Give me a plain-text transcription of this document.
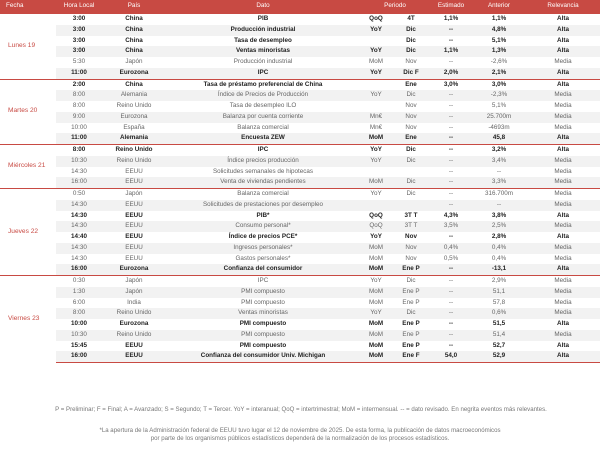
Fecha	Hora Local	País	Dato	Periodo		Estimado	Anterior	Relevancia
Lunes 19	3:00	China	PIB	QoQ	4T	1,1%	1,1%	Alta
	3:00	China	Producción industrial	YoY	Dic	--	4,8%	Alta
	3:00	China	Tasa de desempleo		Dic	--	5,1%	Alta
	3:00	China	Ventas minoristas	YoY	Dic	1,1%	1,3%	Alta
	5:30	Japón	Producción industrial	MoM	Nov	--	-2,6%	Media
	11:00	Eurozona	IPC	YoY	Dic F	2,0%	2,1%	Alta
Martes 20	2:00	China	Tasa de préstamo preferencial de China		Ene	3,0%	3,0%	Alta
	8:00	Alemania	Índice de Precios de Producción	YoY	Dic	--	-2,3%	Media
	8:00	Reino Unido	Tasa de desempleo ILO		Nov	--	5,1%	Media
	9:00	Eurozona	Balanza por cuenta corriente	Mn€	Nov	--	25.700m	Media
	10:00	España	Balanza comercial	Mn€	Nov	--	-4693m	Media
	11:00	Alemania	Encuesta ZEW	MoM	Ene	--	45,8	Alta
Miércoles 21	8:00	Reino Unido	IPC	YoY	Dic	--	3,2%	Alta
	10:30	Reino Unido	Índice precios producción	YoY	Dic	--	3,4%	Media
	14:30	EEUU	Solicitudes semanales de hipotecas			--	--	Media
	16:00	EEUU	Venta de viviendas pendientes	MoM	Dic	--	3,3%	Media
Jueves 22	0:50	Japón	Balanza comercial	YoY	Dic	--	316.700m	Media
	14:30	EEUU	Solicitudes de prestaciones por desempleo			--	--	Media
	14:30	EEUU	PIB*	QoQ	3T T	4,3%	3,8%	Alta
	14:30	EEUU	Consumo personal*	QoQ	3T T	3,5%	2,5%	Media
	14:40	EEUU	Índice de precios PCE*	YoY	Nov	--	2,8%	Alta
	14:30	EEUU	Ingresos personales*	MoM	Nov	0,4%	0,4%	Media
	14:30	EEUU	Gastos personales*	MoM	Nov	0,5%	0,4%	Media
	16:00	Eurozona	Confianza del consumidor	MoM	Ene P	--	-13,1	Alta
Viernes 23	0:30	Japón	IPC	YoY	Dic	--	2,9%	Media
	1:30	Japón	PMI compuesto	MoM	Ene P	--	51,1	Media
	6:00	India	PMI compuesto	MoM	Ene P	--	57,8	Media
	8:00	Reino Unido	Ventas minoristas	YoY	Dic	--	0,6%	Media
	10:00	Eurozona	PMI compuesto	MoM	Ene P	--	51,5	Alta
	10:30	Reino Unido	PMI compuesto	MoM	Ene P	--	51,4	Media
	15:45	EEUU	PMI compuesto	MoM	Ene P	--	52,7	Alta
	16:00	EEUU	Confianza del consumidor Univ. Michigan	MoM	Ene F	54,0	52,9	Alta
P = Preliminar; F = Final; A = Avanzado; S = Segundo; T = Tercer. YoY = interanual; QoQ = intertrimestral; MoM = intermensual. -- = dato revisado. En negrita eventos más relevantes.
*La apertura de la Administración federal de EEUU tuvo lugar el 12 de noviembre de 2025. De esta forma, la publicación de datos macroeconómicos por parte de los organismos públicos estadísticos dependerá de la normalización de los procesos estadísticos.
